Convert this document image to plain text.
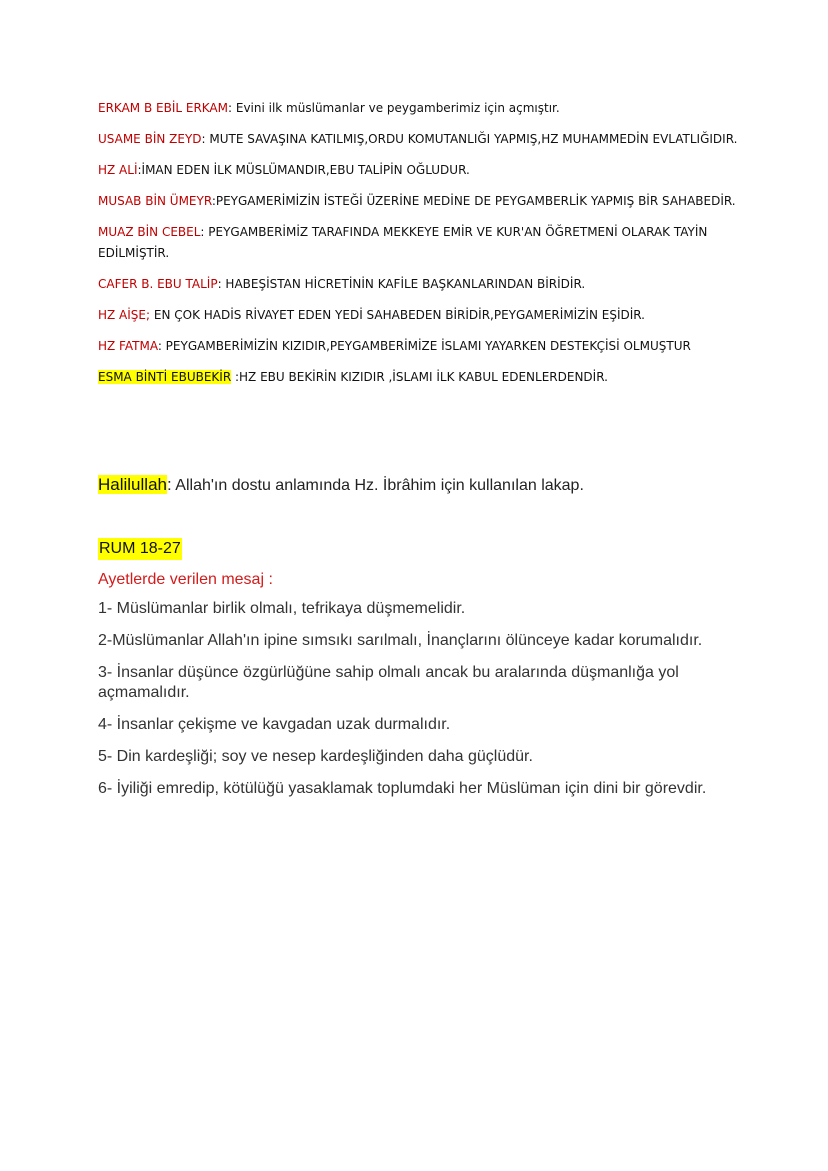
ERKAM B EBİL ERKAM: Evini ilk müslümanlar ve peygamberimiz için açmıştır.

USAME BİN ZEYD: MUTE SAVAŞINA KATILMIŞ,ORDU KOMUTANLIĞI YAPMIŞ,HZ MUHAMMEDİN EVLATLIĞIDIR.

HZ ALİ:İMAN EDEN İLK MÜSLÜMANDIR,EBU TALİPİN OĞLUDUR.

MUSAB BİN ÜMEYR:PEYGAMERİMİZİN İSTEĞİ ÜZERİNE MEDİNE DE PEYGAMBERLİK YAPMIŞ BİR SAHABEDİR.

MUAZ BİN CEBEL: PEYGAMBERİMİZ TARAFINDA MEKKEYE EMİR VE KUR'AN ÖĞRETMENİ OLARAK TAYİN EDİLMİŞTİR.

CAFER B. EBU TALİP: HABEŞİSTAN HİCRETİNİN KAFİLE BAŞKANLARINDAN BİRİDİR.

HZ AİŞE; EN ÇOK HADİS RİVAYET EDEN YEDİ SAHABEDEN BİRİDİR,PEYGAMERİMİZİN EŞİDİR.

HZ FATMA: PEYGAMBERİMİZİN KIZIDIR,PEYGAMBERİMİZE İSLAMI YAYARKEN DESTEKÇİSİ OLMUŞTUR

ESMA BİNTİ EBUBEKİR :HZ EBU BEKİRİN KIZIDIR ,İSLAMI İLK KABUL EDENLERDENDİR.

Halilullah: Allah'ın dostu anlamında Hz. İbrâhim için kullanılan lakap.
RUM 18-27
Ayetlerde verilen mesaj :

1- Müslümanlar birlik olmalı, tefrikaya düşmemelidir.

2-Müslümanlar Allah'ın ipine sımsıkı sarılmalı, İnançlarını ölünceye kadar korumalıdır.

3- İnsanlar düşünce özgürlüğüne sahip olmalı ancak bu aralarında düşmanlığa yol açmamalıdır.

4- İnsanlar çekişme ve kavgadan uzak durmalıdır.

5- Din kardeşliği; soy ve nesep kardeşliğinden daha güçlüdür.

6- İyiliği emredip, kötülüğü yasaklamak toplumdaki her Müslüman için dini bir görevdir.
